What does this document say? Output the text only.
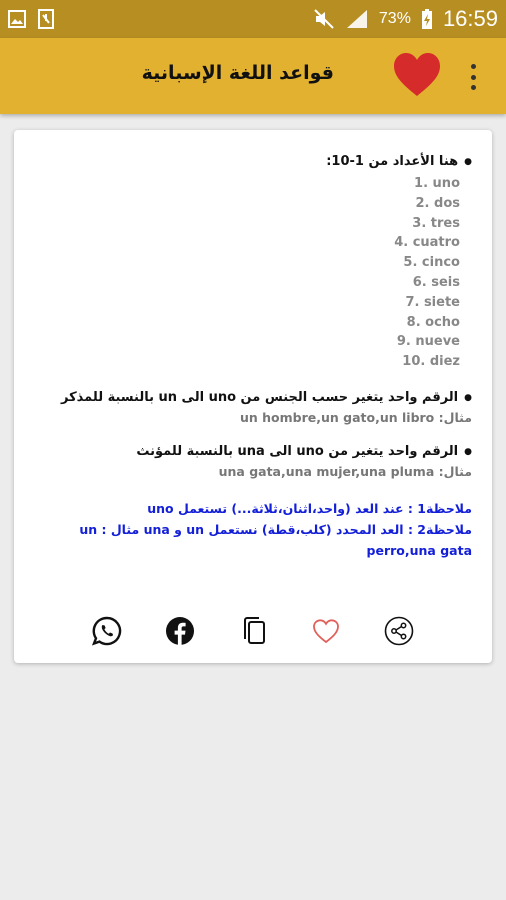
73% 16:59
قواعد اللغة الإسبانية
● هنا الأعداد من 1-10:
1. uno
2. dos
3. tres
4. cuatro
5. cinco
6. seis
7. siete
8. ocho
9. nueve
10. diez
● الرقم واحد يتغير حسب الجنس من uno الى un بالنسبة للمذكر
مثال: un hombre,un gato,un libro
● الرقم واحد يتغير من uno الى una بالنسبة للمؤنث
مثال: una gata,una mujer,una pluma
ملاحظة1 : عند العد (واحد،اثنان،ثلاثة...) تستعمل uno
ملاحظة2 : العد المحدد (كلب،قطة) نستعمل un و una مثال : un perro,una gata
